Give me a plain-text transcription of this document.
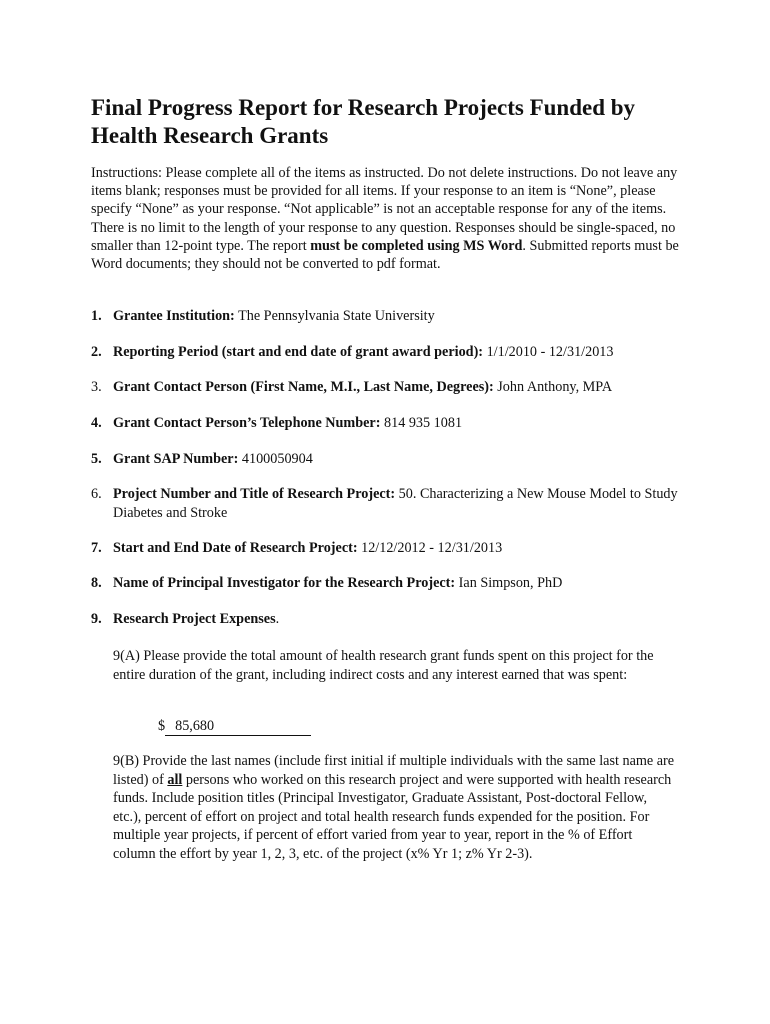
Final Progress Report for Research Projects Funded by Health Research Grants
Instructions: Please complete all of the items as instructed. Do not delete instructions. Do not leave any items blank; responses must be provided for all items. If your response to an item is “None”, please specify “None” as your response. “Not applicable” is not an acceptable response for any of the items. There is no limit to the length of your response to any question. Responses should be single-spaced, no smaller than 12-point type. The report must be completed using MS Word. Submitted reports must be Word documents; they should not be converted to pdf format.
1. Grantee Institution: The Pennsylvania State University
2. Reporting Period (start and end date of grant award period): 1/1/2010 - 12/31/2013
3. Grant Contact Person (First Name, M.I., Last Name, Degrees): John Anthony, MPA
4. Grant Contact Person’s Telephone Number: 814 935 1081
5. Grant SAP Number: 4100050904
6. Project Number and Title of Research Project: 50. Characterizing a New Mouse Model to Study Diabetes and Stroke
7. Start and End Date of Research Project: 12/12/2012 - 12/31/2013
8. Name of Principal Investigator for the Research Project: Ian Simpson, PhD
9. Research Project Expenses.
9(A) Please provide the total amount of health research grant funds spent on this project for the entire duration of the grant, including indirect costs and any interest earned that was spent:
$ 85,680
9(B) Provide the last names (include first initial if multiple individuals with the same last name are listed) of all persons who worked on this research project and were supported with health research funds. Include position titles (Principal Investigator, Graduate Assistant, Post-doctoral Fellow, etc.), percent of effort on project and total health research funds expended for the position. For multiple year projects, if percent of effort varied from year to year, report in the % of Effort column the effort by year 1, 2, 3, etc. of the project (x% Yr 1; z% Yr 2-3).
